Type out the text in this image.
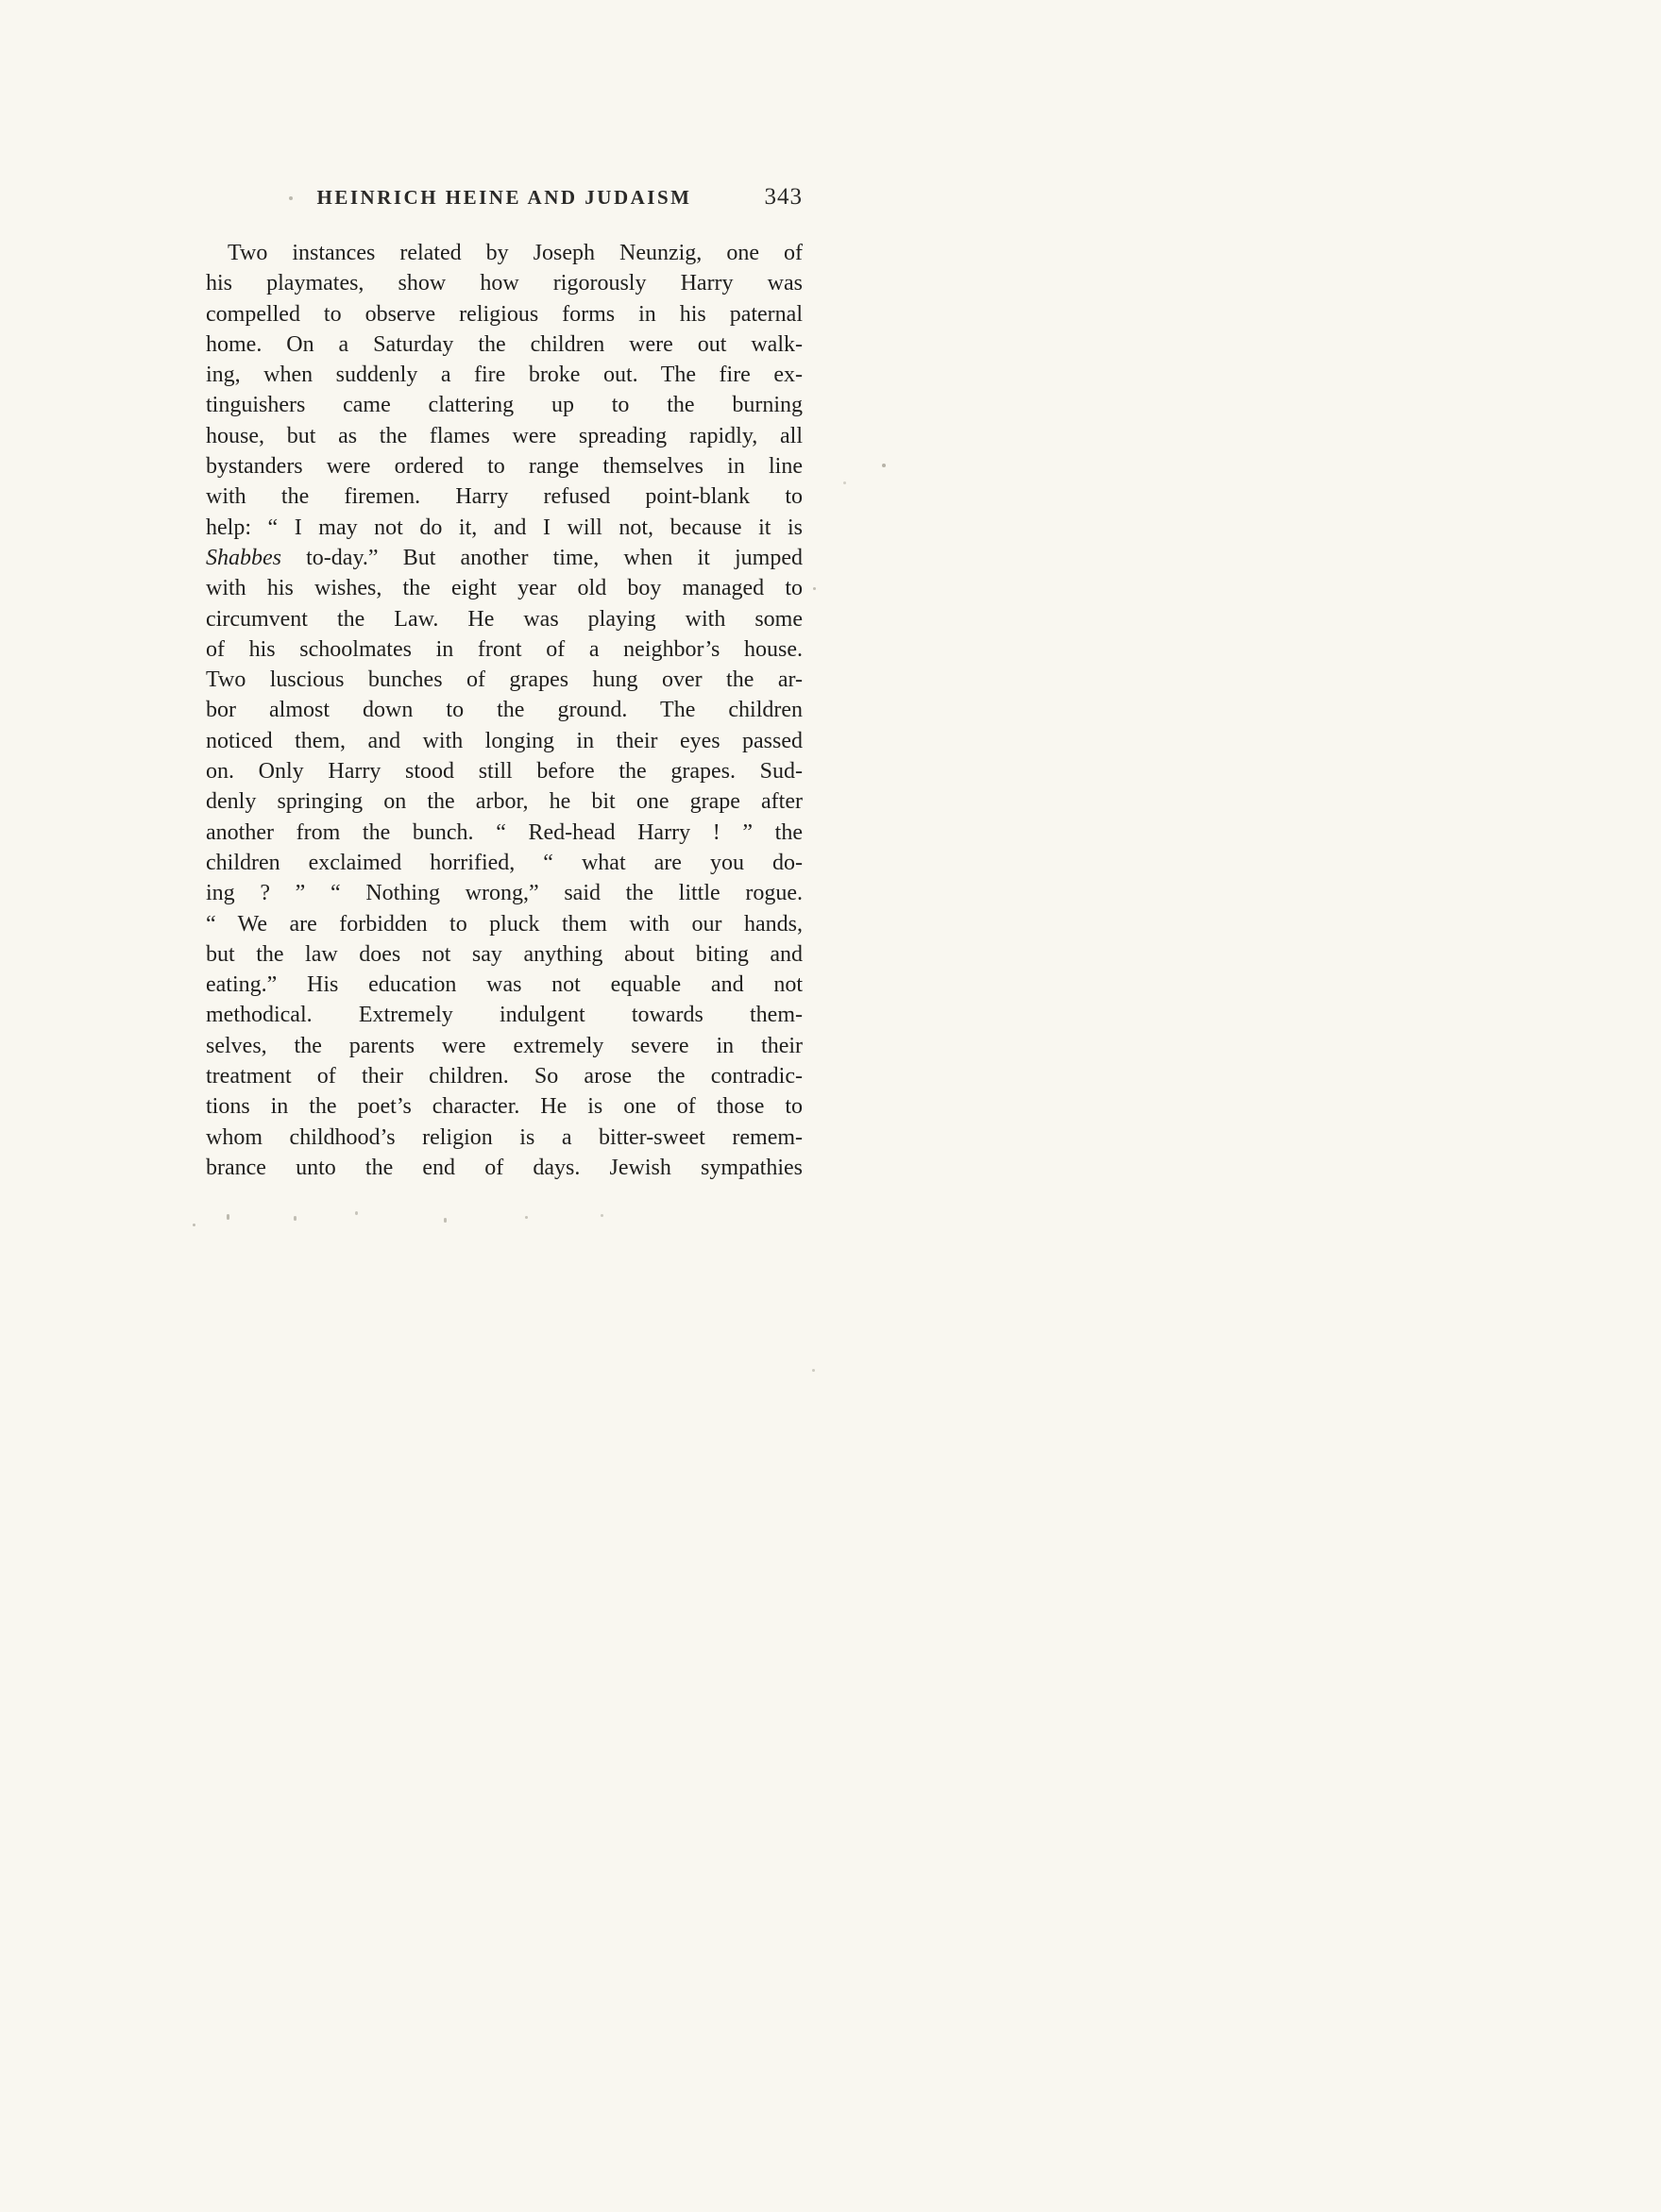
HEINRICH HEINE AND JUDAISM	343
Two instances related by Joseph Neunzig, one of
his playmates, show how rigorously Harry was
compelled to observe religious forms in his paternal
home. On a Saturday the children were out walk-
ing, when suddenly a fire broke out. The fire ex-
tinguishers came clattering up to the burning
house, but as the flames were spreading rapidly, all
bystanders were ordered to range themselves in line
with the firemen. Harry refused point-blank to
help: “ I may not do it, and I will not, because it is
Shabbes to-day.” But another time, when it jumped
with his wishes, the eight year old boy managed to
circumvent the Law. He was playing with some
of his schoolmates in front of a neighbor’s house.
Two luscious bunches of grapes hung over the ar-
bor almost down to the ground. The children
noticed them, and with longing in their eyes passed
on. Only Harry stood still before the grapes. Sud-
denly springing on the arbor, he bit one grape after
another from the bunch. “ Red-head Harry ! ” the
children exclaimed horrified, “ what are you do-
ing ? ” “ Nothing wrong,” said the little rogue.
“ We are forbidden to pluck them with our hands,
but the law does not say anything about biting and
eating.” His education was not equable and not
methodical. Extremely indulgent towards them-
selves, the parents were extremely severe in their
treatment of their children. So arose the contradic-
tions in the poet’s character. He is one of those to
whom childhood’s religion is a bitter-sweet remem-
brance unto the end of days. Jewish sympathies
